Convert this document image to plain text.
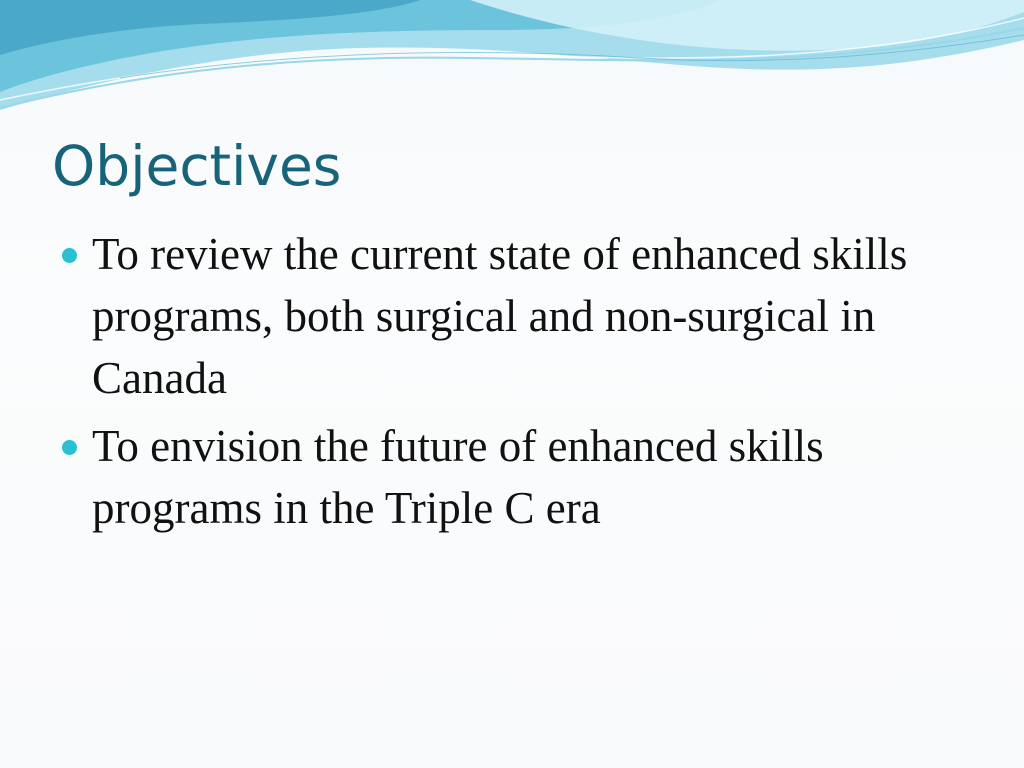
Objectives
To review the current state of enhanced skills programs, both surgical and non-surgical in Canada
To envision the future of enhanced skills programs in the Triple C era
